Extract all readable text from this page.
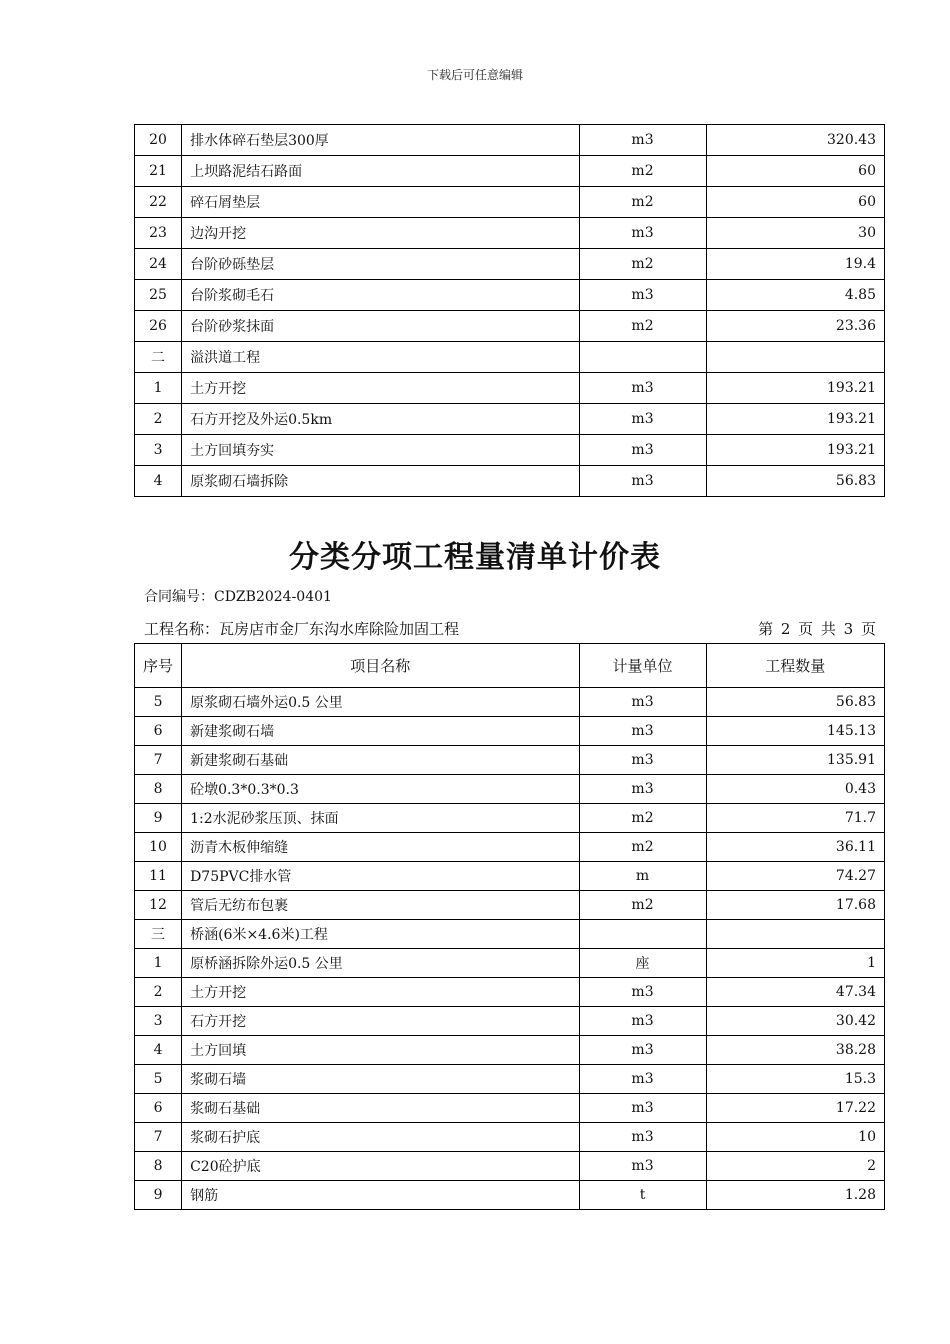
下载后可任意编辑
20	排水体碎石垫层300厚	m3	320.43
21	上坝路泥结石路面	m2	60
22	碎石屑垫层	m2	60
23	边沟开挖	m3	30
24	台阶砂砾垫层	m2	19.4
25	台阶浆砌毛石	m3	4.85
26	台阶砂浆抹面	m2	23.36
二	溢洪道工程		
1	土方开挖	m3	193.21
2	石方开挖及外运0.5km	m3	193.21
3	土方回填夯实	m3	193.21
4	原浆砌石墙拆除	m3	56.83
分类分项工程量清单计价表
合同编号：CDZB2024-0401
工程名称：瓦房店市金厂东沟水库除险加固工程	第 2 页 共 3 页
序号	项目名称	计量单位	工程数量
5	原浆砌石墙外运0.5 公里	m3	56.83
6	新建浆砌石墙	m3	145.13
7	新建浆砌石基础	m3	135.91
8	砼墩0.3*0.3*0.3	m3	0.43
9	1:2水泥砂浆压顶、抹面	m2	71.7
10	沥青木板伸缩缝	m2	36.11
11	D75PVC排水管	m	74.27
12	管后无纺布包裹	m2	17.68
三	桥涵(6米×4.6米)工程		
1	原桥涵拆除外运0.5 公里	座	1
2	土方开挖	m3	47.34
3	石方开挖	m3	30.42
4	土方回填	m3	38.28
5	浆砌石墙	m3	15.3
6	浆砌石基础	m3	17.22
7	浆砌石护底	m3	10
8	C20砼护底	m3	2
9	钢筋	t	1.28
